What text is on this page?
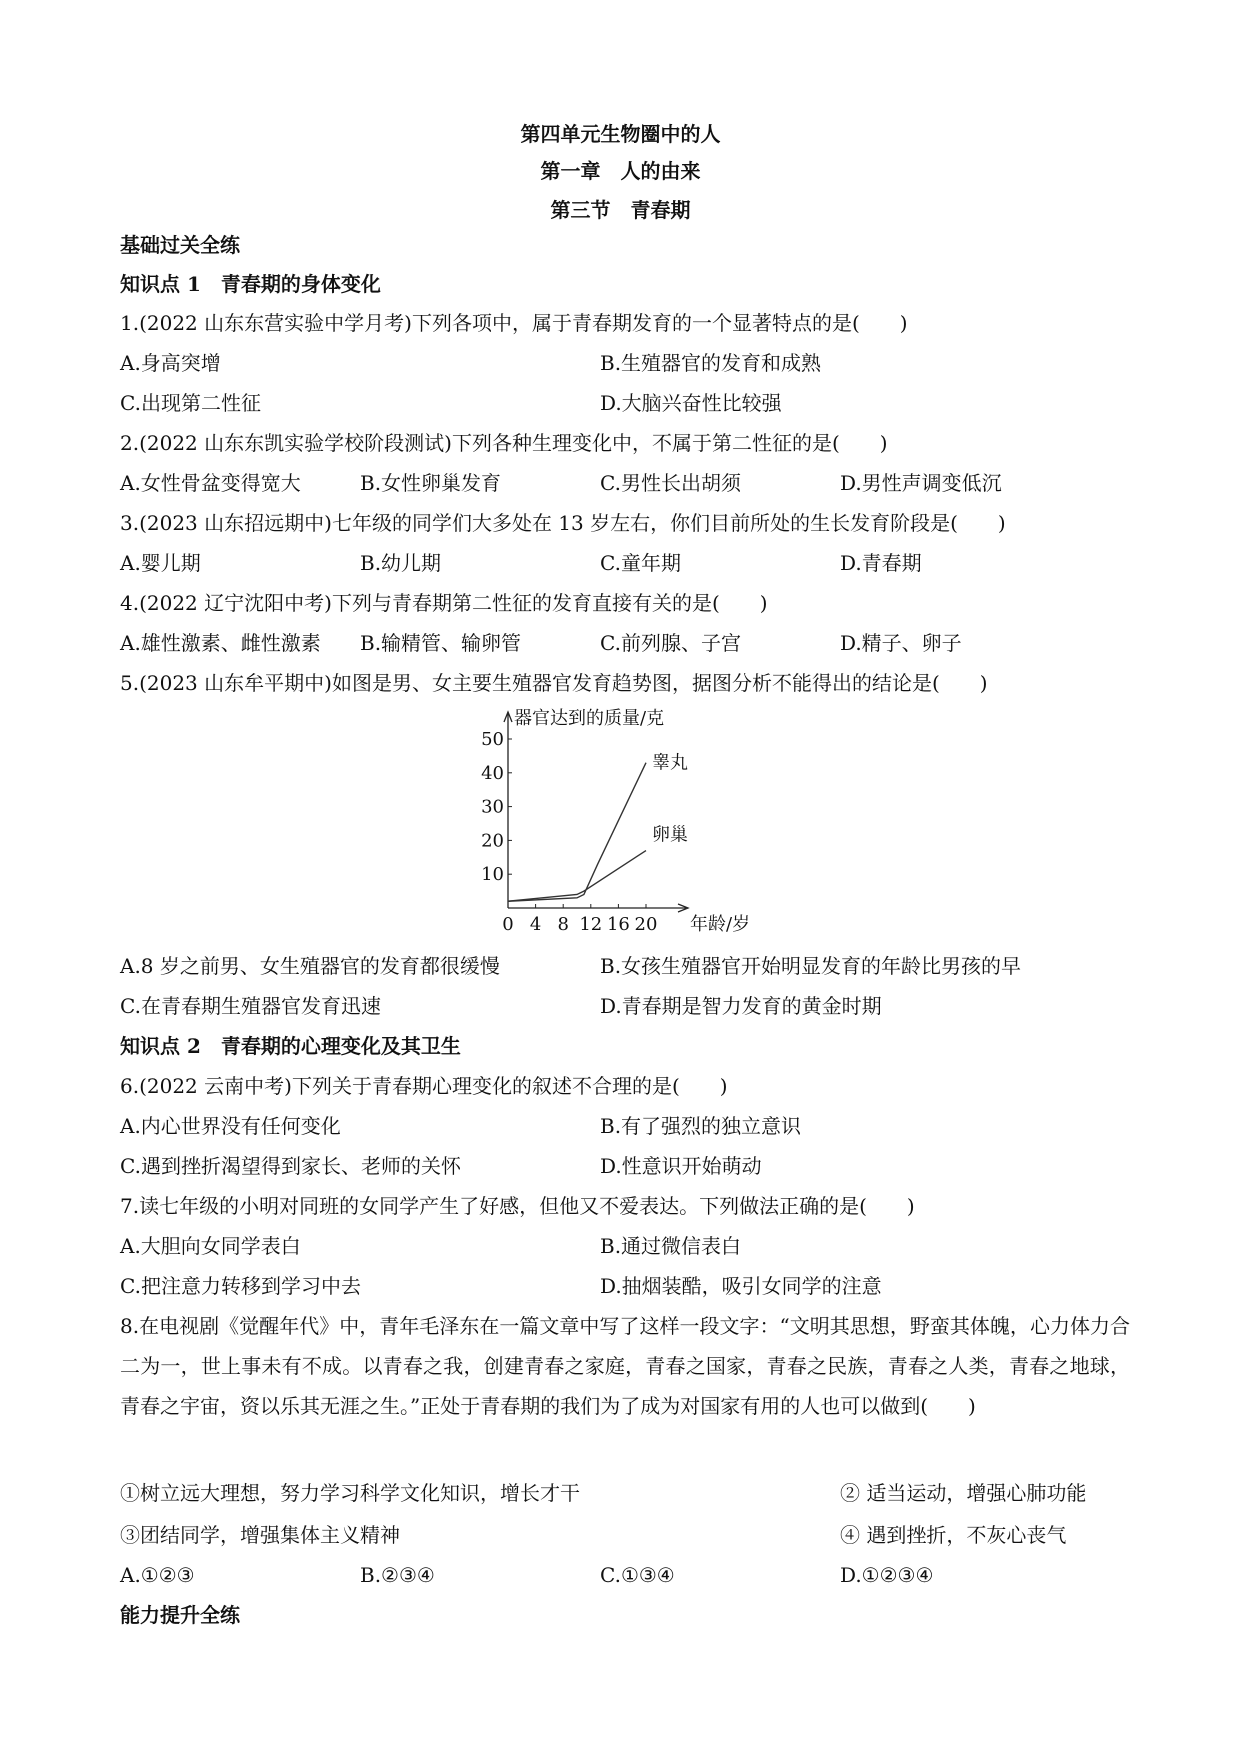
第四单元生物圈中的人
第一章　人的由来
第三节　青春期
基础过关全练
知识点 1　青春期的身体变化
1.(2022 山东东营实验中学月考)下列各项中，属于青春期发育的一个显著特点的是(　　)
A.身高突增	B.生殖器官的发育和成熟
C.出现第二性征	D.大脑兴奋性比较强
2.(2022 山东东凯实验学校阶段测试)下列各种生理变化中，不属于第二性征的是(　　)
A.女性骨盆变得宽大	B.女性卵巢发育	C.男性长出胡须	D.男性声调变低沉
3.(2023 山东招远期中)七年级的同学们大多处在 13 岁左右，你们目前所处的生长发育阶段是(　　)
A.婴儿期	B.幼儿期	C.童年期	D.青春期
4.(2022 辽宁沈阳中考)下列与青春期第二性征的发育直接有关的是(　　)
A.雄性激素、雌性激素 B.输精管、输卵管	C.前列腺、子宫	D.精子、卵子
5.(2023 山东牟平期中)如图是男、女主要生殖器官发育趋势图，据图分析不能得出的结论是(　　)
0 4 8 12 16 20
10
20
30
40
50
睾丸
卵巢
器官达到的质量/克
年龄/岁
A.8 岁之前男、女生殖器官的发育都很缓慢	B.女孩生殖器官开始明显发育的年龄比男孩的早
C.在青春期生殖器官发育迅速	D.青春期是智力发育的黄金时期
知识点 2　青春期的心理变化及其卫生
6.(2022 云南中考)下列关于青春期心理变化的叙述不合理的是(　　)
A.内心世界没有任何变化	B.有了强烈的独立意识
C.遇到挫折渴望得到家长、老师的关怀	D.性意识开始萌动
7.读七年级的小明对同班的女同学产生了好感，但他又不爱表达。下列做法正确的是(　　)
A.大胆向女同学表白	B.通过微信表白
C.把注意力转移到学习中去	D.抽烟装酷，吸引女同学的注意
8.在电视剧《觉醒年代》中，青年毛泽东在一篇文章中写了这样一段文字：“文明其思想，野蛮其体魄，心力体力合二为一，世上事未有不成。以青春之我，创建青春之家庭，青春之国家，青春之民族，青春之人类，青春之地球，青春之宇宙，资以乐其无涯之生。”正处于青春期的我们为了成为对国家有用的人也可以做到(　　)
①树立远大理想，努力学习科学文化知识，增长才干	② 适当运动，增强心肺功能
③团结同学，增强集体主义精神	④ 遇到挫折，不灰心丧气
A.①②③	B.②③④	C.①③④	D.①②③④
能力提升全练
